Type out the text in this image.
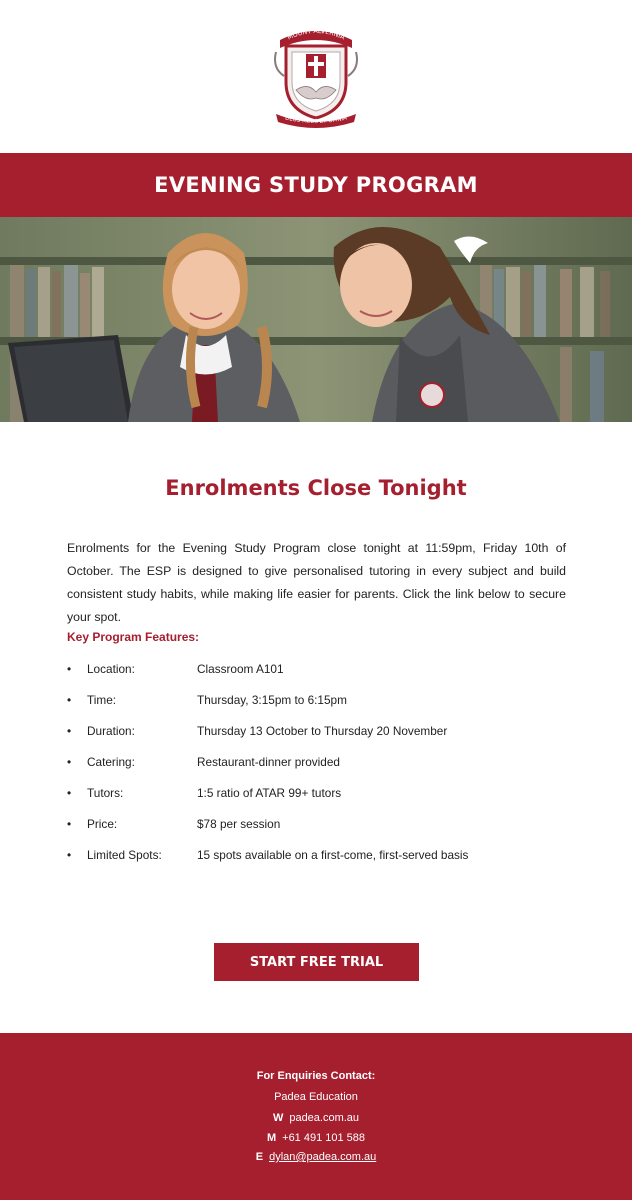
MOUNT ALVERNIA
DEUS MEUS ET OMNIA
EVENING STUDY PROGRAM
Enrolments Close Tonight

Enrolments for the Evening Study Program close tonight at 11:59pm, Friday 10th of October. The ESP is designed to give personalised tutoring in every subject and build consistent study habits, while making life easier for parents. Click the link below to secure your spot.

Key Program Features:
• Location:	Classroom A101
• Time:	Thursday, 3:15pm to 6:15pm
• Duration:	Thursday 13 October to Thursday 20 November
• Catering:	Restaurant-dinner provided
• Tutors:	1:5 ratio of ATAR 99+ tutors
• Price:	$78 per session
• Limited Spots:	15 spots available on a first-come, first-served basis
START FREE TRIAL
For Enquiries Contact:
Padea Education
W padea.com.au
M +61 491 101 588
E dylan@padea.com.au
